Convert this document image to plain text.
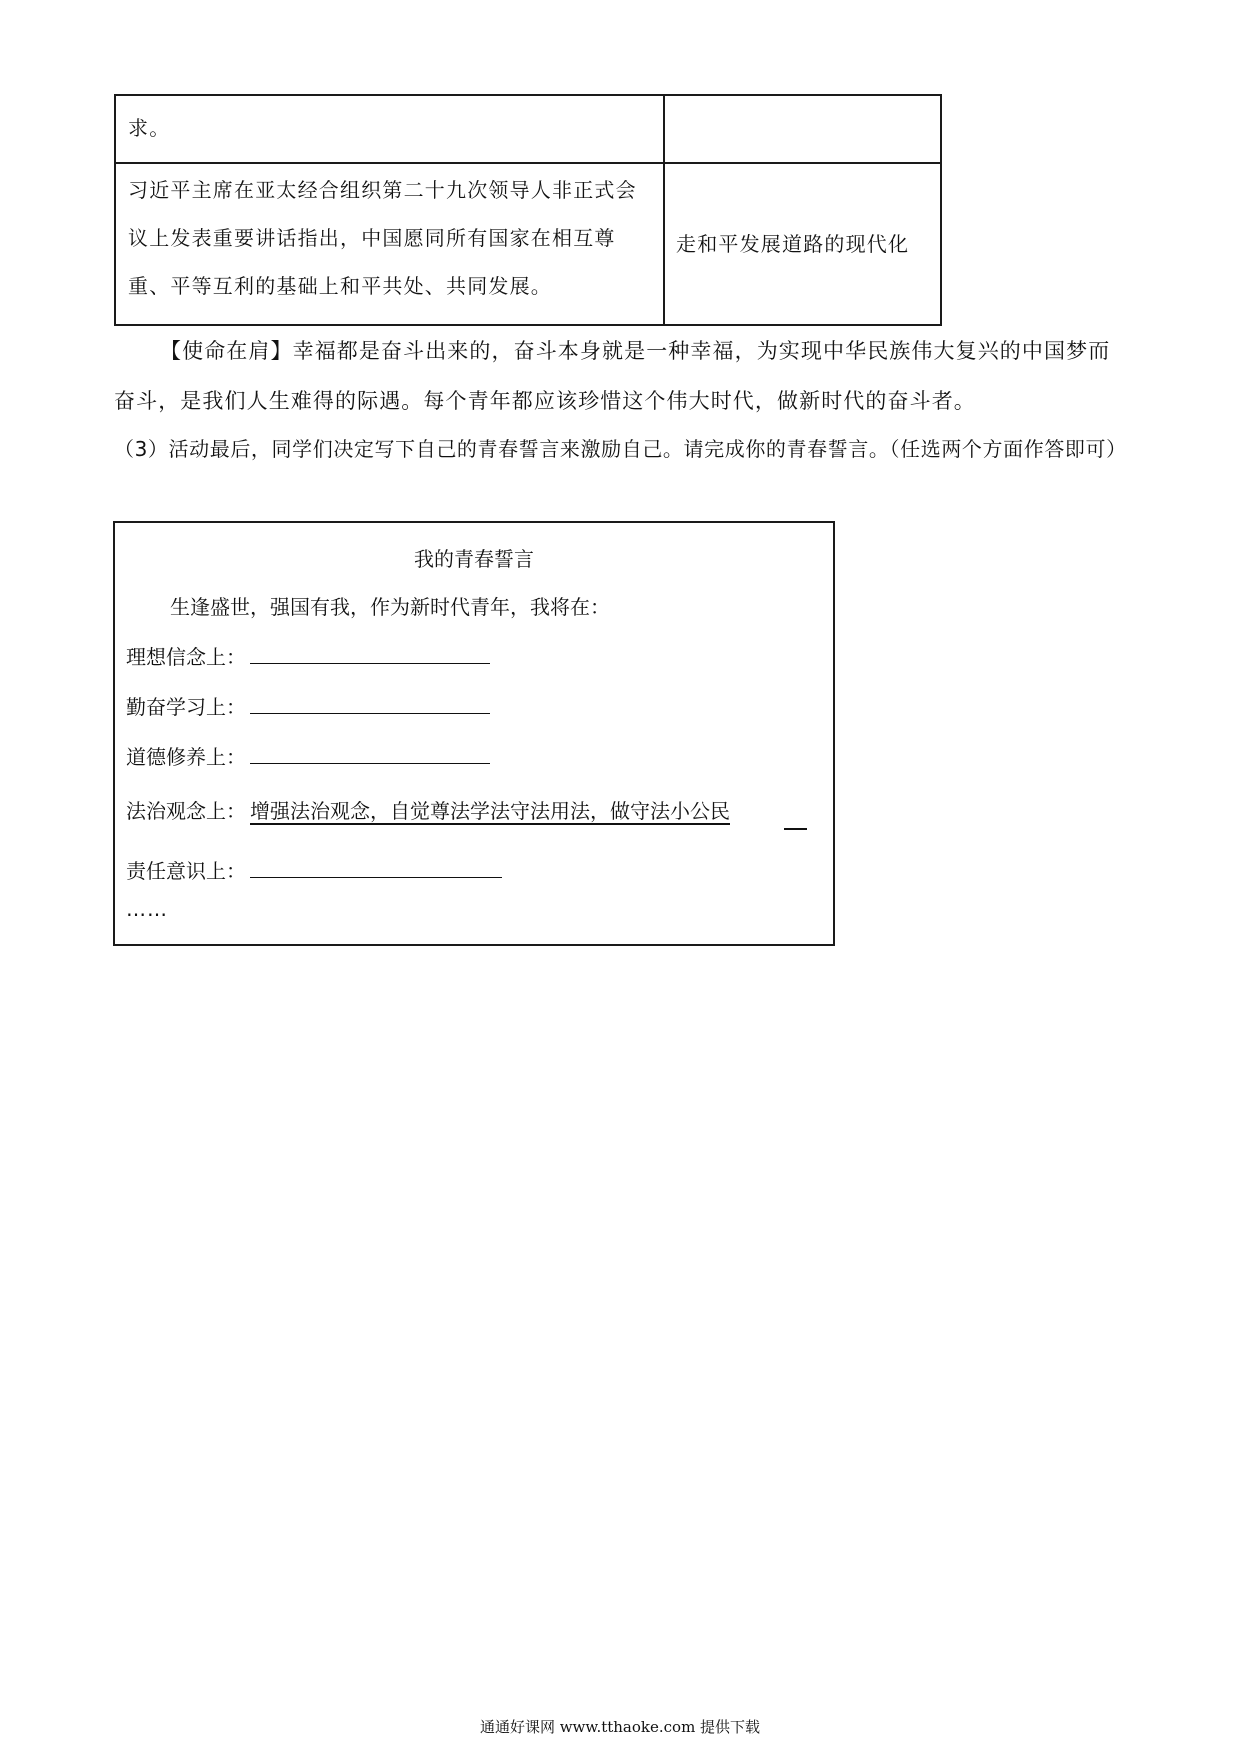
求。
习近平主席在亚太经合组织第二十九次领导人非正式会议上发表重要讲话指出，中国愿同所有国家在相互尊重、平等互利的基础上和平共处、共同发展。
走和平发展道路的现代化
【使命在肩】幸福都是奋斗出来的，奋斗本身就是一种幸福，为实现中华民族伟大复兴的中国梦而奋斗，是我们人生难得的际遇。每个青年都应该珍惜这个伟大时代，做新时代的奋斗者。
（3）活动最后，同学们决定写下自己的青春誓言来激励自己。请完成你的青春誓言。（任选两个方面作答即可）
我的青春誓言
生逢盛世，强国有我，作为新时代青年，我将在：
理想信念上：
勤奋学习上：
道德修养上：
法治观念上： 增强法治观念，自觉尊法学法守法用法，做守法小公民
责任意识上：
……
通通好课网 www.tthaoke.com 提供下载
